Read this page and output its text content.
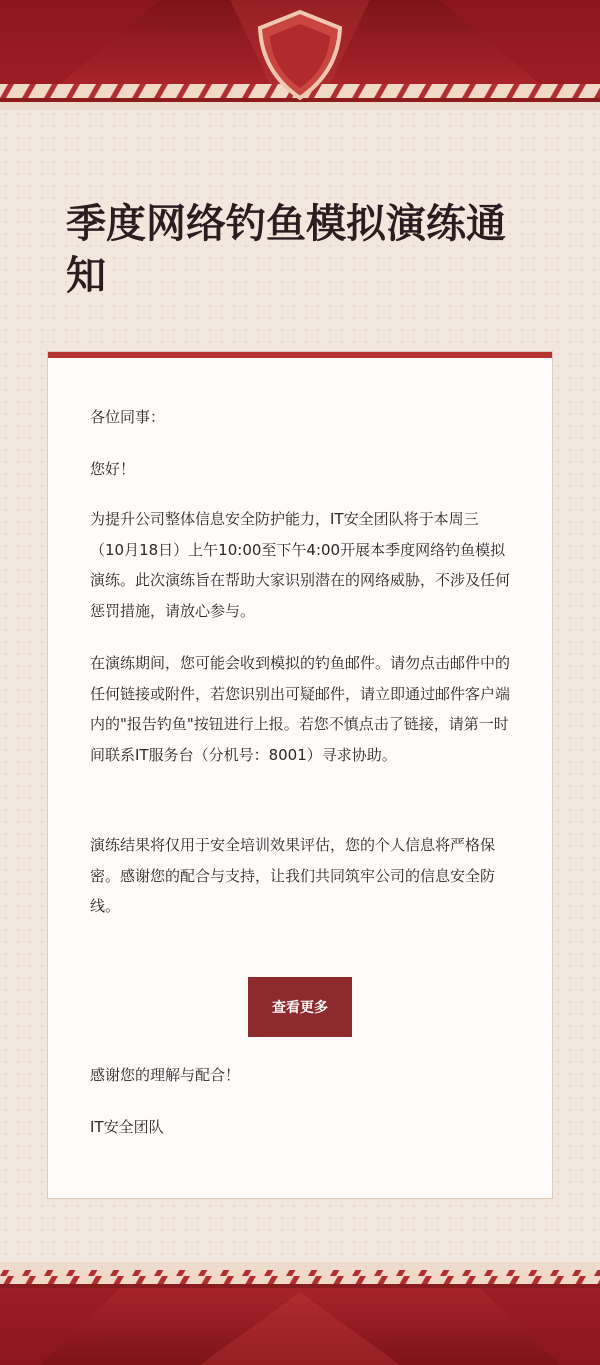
季度网络钓鱼模拟演练通知

各位同事：

您好！

为提升公司整体信息安全防护能力，IT安全团队将于本周三（10月18日）上午10:00至下午4:00开展本季度网络钓鱼模拟演练。此次演练旨在帮助大家识别潜在的网络威胁，不涉及任何惩罚措施，请放心参与。

在演练期间，您可能会收到模拟的钓鱼邮件。请勿点击邮件中的任何链接或附件，若您识别出可疑邮件，请立即通过邮件客户端内的"报告钓鱼"按钮进行上报。若您不慎点击了链接，请第一时间联系IT服务台（分机号：8001）寻求协助。

演练结果将仅用于安全培训效果评估，您的个人信息将严格保密。感谢您的配合与支持，让我们共同筑牢公司的信息安全防线。

查看更多

感谢您的理解与配合！

IT安全团队
